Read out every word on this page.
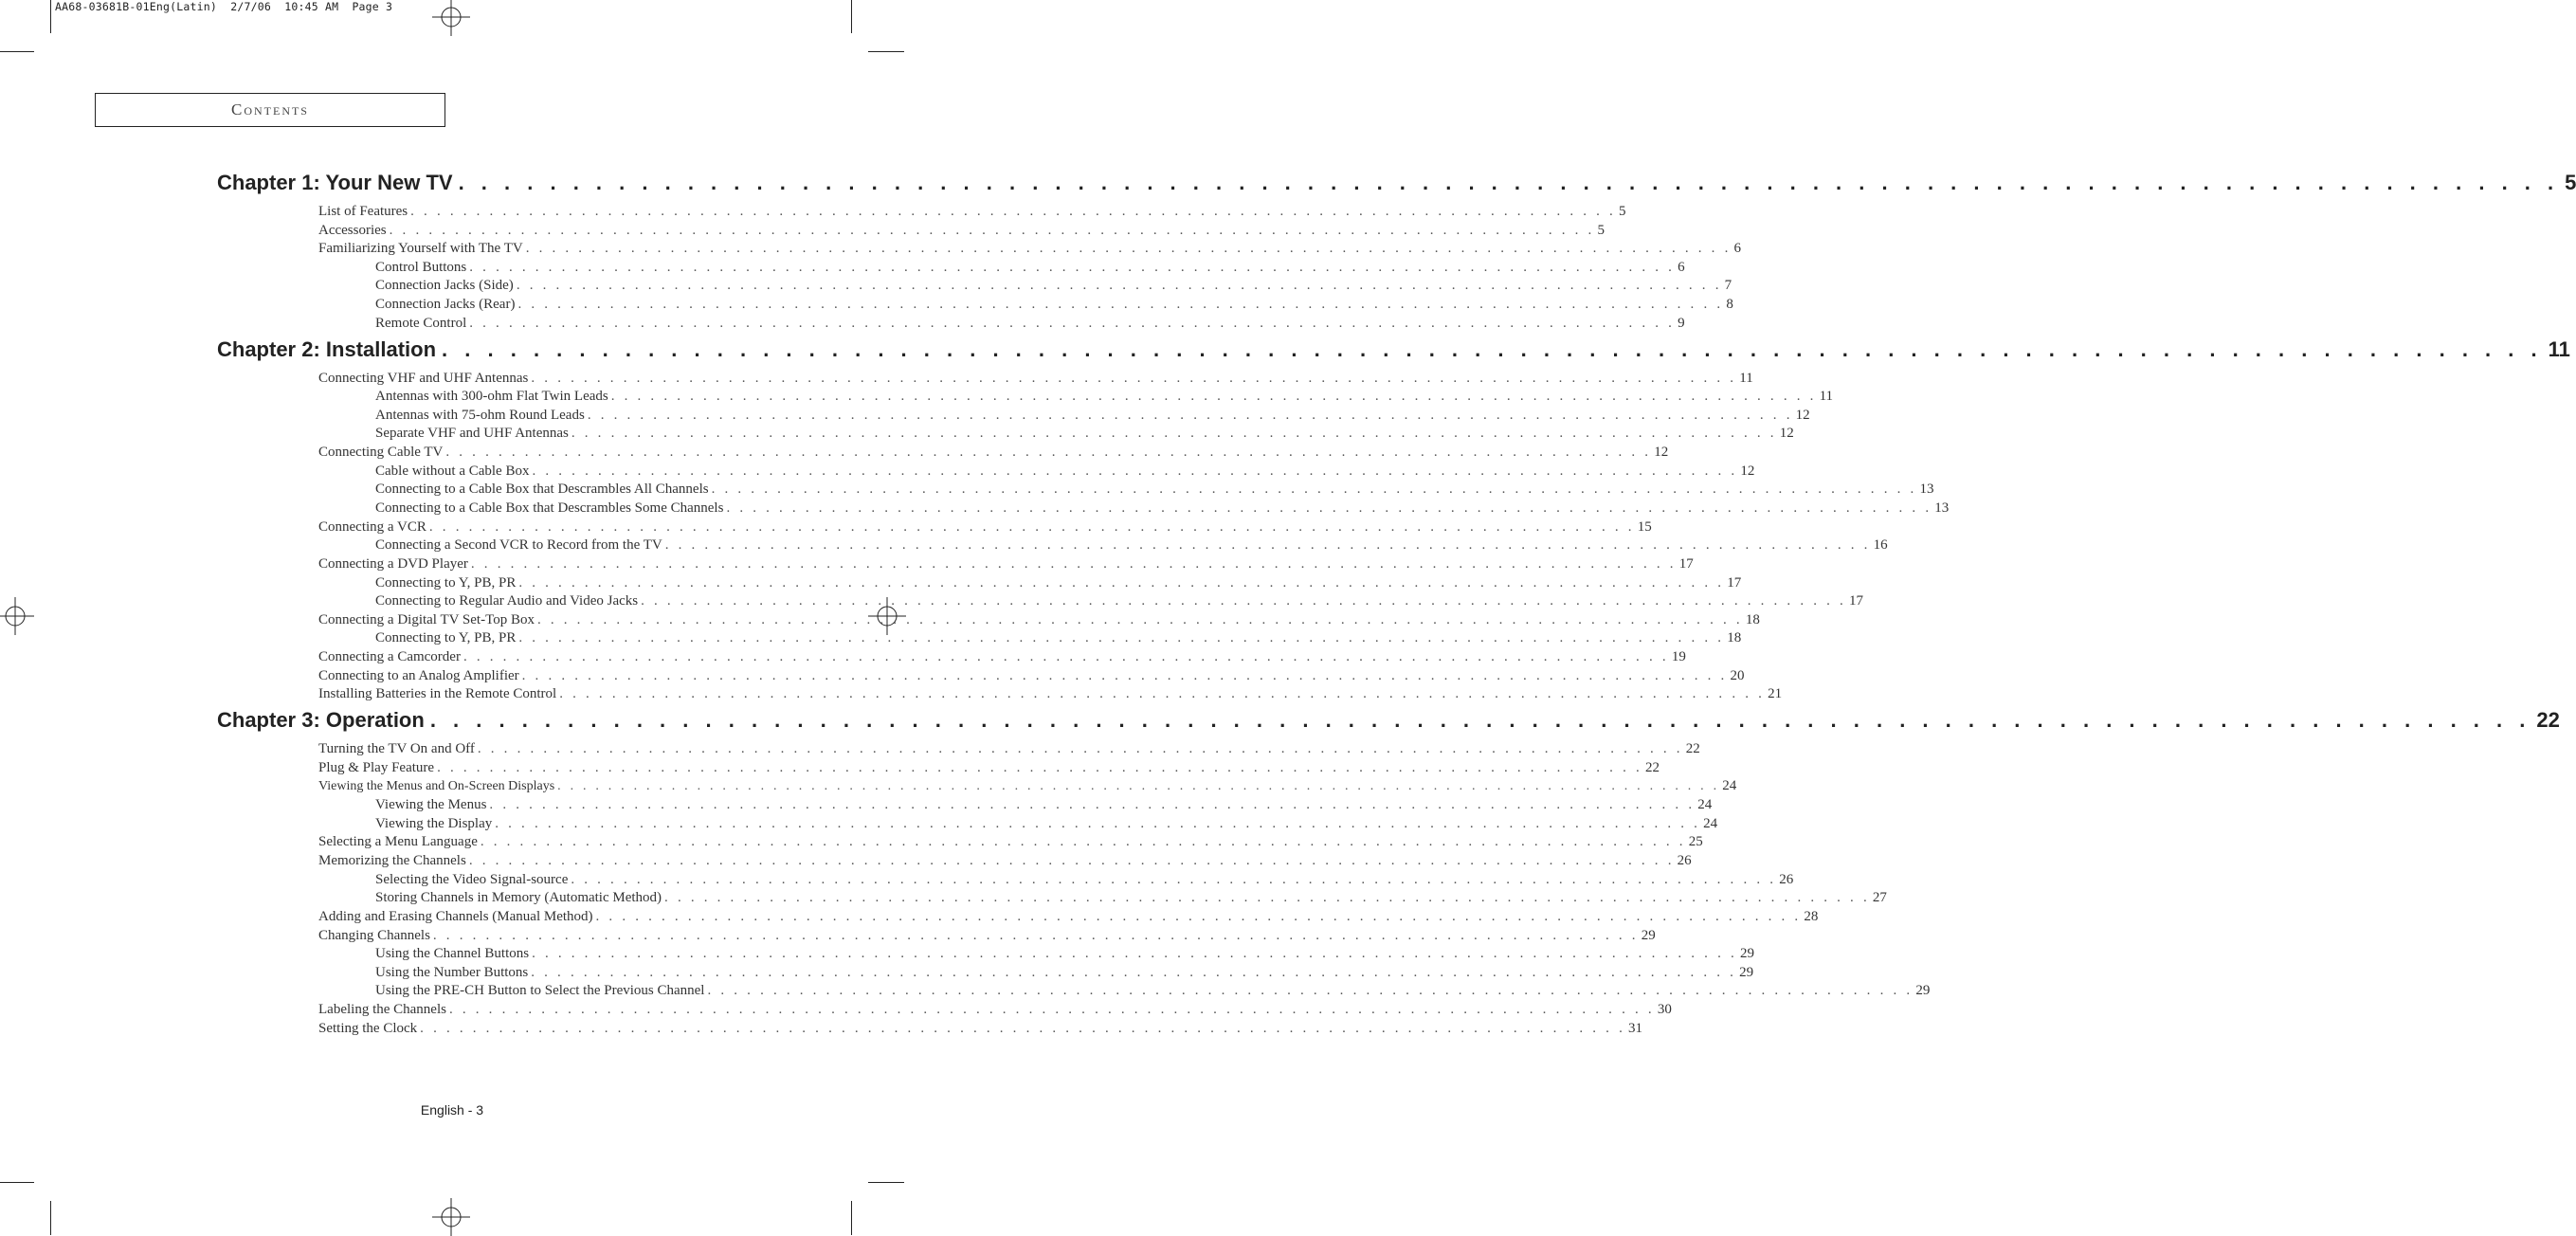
AA68-03681B-01Eng(Latin)  2/7/06  10:45 AM  Page 3
Contents
Chapter 1: Your New TV . . . . . . . . . . . . . . . . . . . . . . . . . . . . . . . . . . . . . . . . . . . . . . . . . . . . . . . . . . . . . . . . . . . . . . . . . . . . . . . . . . . . . . . . . . . . 5
List of Features . . . . . . . . . . . . . . . . . . . . . . . . . . . . . . . . . . . . . . . . . . . . . . . . . . . . . . . . . . . . . . . . . . . . . . . . . . . . . . . . . . . . . . . . . . . . 5
Accessories . . . . . . . . . . . . . . . . . . . . . . . . . . . . . . . . . . . . . . . . . . . . . . . . . . . . . . . . . . . . . . . . . . . . . . . . . . . . . . . . . . . . . . . . . . . . 5
Familiarizing Yourself with The TV . . . . . . . . . . . . . . . . . . . . . . . . . . . . . . . . . . . . . . . . . . . . . . . . . . . . . . . . . . . . . . . . . . . . . . . . . . . . . . . . . . . . . . . . . . . . 6
Control Buttons . . . . . . . . . . . . . . . . . . . . . . . . . . . . . . . . . . . . . . . . . . . . . . . . . . . . . . . . . . . . . . . . . . . . . . . . . . . . . . . . . . . . . . . . . . . . 6
Connection Jacks (Side) . . . . . . . . . . . . . . . . . . . . . . . . . . . . . . . . . . . . . . . . . . . . . . . . . . . . . . . . . . . . . . . . . . . . . . . . . . . . . . . . . . . . . . . . . . . . 7
Connection Jacks (Rear) . . . . . . . . . . . . . . . . . . . . . . . . . . . . . . . . . . . . . . . . . . . . . . . . . . . . . . . . . . . . . . . . . . . . . . . . . . . . . . . . . . . . . . . . . . . . 8
Remote Control . . . . . . . . . . . . . . . . . . . . . . . . . . . . . . . . . . . . . . . . . . . . . . . . . . . . . . . . . . . . . . . . . . . . . . . . . . . . . . . . . . . . . . . . . . . . 9
Chapter 2: Installation . . . . . . . . . . . . . . . . . . . . . . . . . . . . . . . . . . . . . . . . . . . . . . . . . . . . . . . . . . . . . . . . . . . . . . . . . . . . . . . . . . . . . . . . . . . . 11
Connecting VHF and UHF Antennas . . . . . . . . . . . . . . . . . . . . . . . . . . . . . . . . . . . . . . . . . . . . . . . . . . . . . . . . . . . . . . . . . . . . . . . . . . . . . . . . . . . . . . . . . . . . 11
Antennas with 300-ohm Flat Twin Leads . . . . . . . . . . . . . . . . . . . . . . . . . . . . . . . . . . . . . . . . . . . . . . . . . . . . . . . . . . . . . . . . . . . . . . . . . . . . . . . . . . . . . . . . . . . . 11
Antennas with 75-ohm Round Leads . . . . . . . . . . . . . . . . . . . . . . . . . . . . . . . . . . . . . . . . . . . . . . . . . . . . . . . . . . . . . . . . . . . . . . . . . . . . . . . . . . . . . . . . . . . . 12
Separate VHF and UHF Antennas . . . . . . . . . . . . . . . . . . . . . . . . . . . . . . . . . . . . . . . . . . . . . . . . . . . . . . . . . . . . . . . . . . . . . . . . . . . . . . . . . . . . . . . . . . . . 12
Connecting Cable TV . . . . . . . . . . . . . . . . . . . . . . . . . . . . . . . . . . . . . . . . . . . . . . . . . . . . . . . . . . . . . . . . . . . . . . . . . . . . . . . . . . . . . . . . . . . . 12
Cable without a Cable Box . . . . . . . . . . . . . . . . . . . . . . . . . . . . . . . . . . . . . . . . . . . . . . . . . . . . . . . . . . . . . . . . . . . . . . . . . . . . . . . . . . . . . . . . . . . . 12
Connecting to a Cable Box that Descrambles All Channels . . . . . . . . . . . . . . . . . . . . . . . . . . . . . . . . . . . . . . . . . . . . . . . . . . . . . . . . . . . . . . . . . . . . . . . . . . . . . . . . . . . . . . . . . . . . 13
Connecting to a Cable Box that Descrambles Some Channels . . . . . . . . . . . . . . . . . . . . . . . . . . . . . . . . . . . . . . . . . . . . . . . . . . . . . . . . . . . . . . . . . . . . . . . . . . . . . . . . . . . . . . . . . . . . 13
Connecting a VCR . . . . . . . . . . . . . . . . . . . . . . . . . . . . . . . . . . . . . . . . . . . . . . . . . . . . . . . . . . . . . . . . . . . . . . . . . . . . . . . . . . . . . . . . . . . . 15
Connecting a Second VCR to Record from the TV . . . . . . . . . . . . . . . . . . . . . . . . . . . . . . . . . . . . . . . . . . . . . . . . . . . . . . . . . . . . . . . . . . . . . . . . . . . . . . . . . . . . . . . . . . . . 16
Connecting a DVD Player . . . . . . . . . . . . . . . . . . . . . . . . . . . . . . . . . . . . . . . . . . . . . . . . . . . . . . . . . . . . . . . . . . . . . . . . . . . . . . . . . . . . . . . . . . . . 17
Connecting to Y, PB, PR . . . . . . . . . . . . . . . . . . . . . . . . . . . . . . . . . . . . . . . . . . . . . . . . . . . . . . . . . . . . . . . . . . . . . . . . . . . . . . . . . . . . . . . . . . . . 17
Connecting to Regular Audio and Video Jacks . . . . . . . . . . . . . . . . . . . . . . . . . . . . . . . . . . . . . . . . . . . . . . . . . . . . . . . . . . . . . . . . . . . . . . . . . . . . . . . . . . . . . . . . . . . . 17
Connecting a Digital TV Set-Top Box . . . . . . . . . . . . . . . . . . . . . . . . . . . . . . . . . . . . . . . . . . . . . . . . . . . . . . . . . . . . . . . . . . . . . . . . . . . . . . . . . . . . . . . . . . . . 18
Connecting to Y, PB, PR . . . . . . . . . . . . . . . . . . . . . . . . . . . . . . . . . . . . . . . . . . . . . . . . . . . . . . . . . . . . . . . . . . . . . . . . . . . . . . . . . . . . . . . . . . . . 18
Connecting a Camcorder . . . . . . . . . . . . . . . . . . . . . . . . . . . . . . . . . . . . . . . . . . . . . . . . . . . . . . . . . . . . . . . . . . . . . . . . . . . . . . . . . . . . . . . . . . . . 19
Connecting to an Analog Amplifier . . . . . . . . . . . . . . . . . . . . . . . . . . . . . . . . . . . . . . . . . . . . . . . . . . . . . . . . . . . . . . . . . . . . . . . . . . . . . . . . . . . . . . . . . . . . 20
Installing Batteries in the Remote Control . . . . . . . . . . . . . . . . . . . . . . . . . . . . . . . . . . . . . . . . . . . . . . . . . . . . . . . . . . . . . . . . . . . . . . . . . . . . . . . . . . . . . . . . . . . . 21
Chapter 3: Operation . . . . . . . . . . . . . . . . . . . . . . . . . . . . . . . . . . . . . . . . . . . . . . . . . . . . . . . . . . . . . . . . . . . . . . . . . . . . . . . . . . . . . . . . . . . . 22
Turning the TV On and Off . . . . . . . . . . . . . . . . . . . . . . . . . . . . . . . . . . . . . . . . . . . . . . . . . . . . . . . . . . . . . . . . . . . . . . . . . . . . . . . . . . . . . . . . . . . . 22
Plug & Play Feature . . . . . . . . . . . . . . . . . . . . . . . . . . . . . . . . . . . . . . . . . . . . . . . . . . . . . . . . . . . . . . . . . . . . . . . . . . . . . . . . . . . . . . . . . . . . 22
Viewing the Menus and On-Screen Displays . . . . . . . . . . . . . . . . . . . . . . . . . . . . . . . . . . . . . . . . . . . . . . . . . . . . . . . . . . . . . . . . . . . . . . . . . . . . . . . . . . . . . . . . . . . . 24
Viewing the Menus . . . . . . . . . . . . . . . . . . . . . . . . . . . . . . . . . . . . . . . . . . . . . . . . . . . . . . . . . . . . . . . . . . . . . . . . . . . . . . . . . . . . . . . . . . . . 24
Viewing the Display . . . . . . . . . . . . . . . . . . . . . . . . . . . . . . . . . . . . . . . . . . . . . . . . . . . . . . . . . . . . . . . . . . . . . . . . . . . . . . . . . . . . . . . . . . . . 24
Selecting a Menu Language . . . . . . . . . . . . . . . . . . . . . . . . . . . . . . . . . . . . . . . . . . . . . . . . . . . . . . . . . . . . . . . . . . . . . . . . . . . . . . . . . . . . . . . . . . . . 25
Memorizing the Channels . . . . . . . . . . . . . . . . . . . . . . . . . . . . . . . . . . . . . . . . . . . . . . . . . . . . . . . . . . . . . . . . . . . . . . . . . . . . . . . . . . . . . . . . . . . . 26
Selecting the Video Signal-source . . . . . . . . . . . . . . . . . . . . . . . . . . . . . . . . . . . . . . . . . . . . . . . . . . . . . . . . . . . . . . . . . . . . . . . . . . . . . . . . . . . . . . . . . . . . 26
Storing Channels in Memory (Automatic Method) . . . . . . . . . . . . . . . . . . . . . . . . . . . . . . . . . . . . . . . . . . . . . . . . . . . . . . . . . . . . . . . . . . . . . . . . . . . . . . . . . . . . . . . . . . . . 27
Adding and Erasing Channels (Manual Method) . . . . . . . . . . . . . . . . . . . . . . . . . . . . . . . . . . . . . . . . . . . . . . . . . . . . . . . . . . . . . . . . . . . . . . . . . . . . . . . . . . . . . . . . . . . . 28
Changing Channels . . . . . . . . . . . . . . . . . . . . . . . . . . . . . . . . . . . . . . . . . . . . . . . . . . . . . . . . . . . . . . . . . . . . . . . . . . . . . . . . . . . . . . . . . . . . 29
Using the Channel Buttons . . . . . . . . . . . . . . . . . . . . . . . . . . . . . . . . . . . . . . . . . . . . . . . . . . . . . . . . . . . . . . . . . . . . . . . . . . . . . . . . . . . . . . . . . . . . 29
Using the Number Buttons . . . . . . . . . . . . . . . . . . . . . . . . . . . . . . . . . . . . . . . . . . . . . . . . . . . . . . . . . . . . . . . . . . . . . . . . . . . . . . . . . . . . . . . . . . . . 29
Using the PRE-CH Button to Select the Previous Channel . . . . . . . . . . . . . . . . . . . . . . . . . . . . . . . . . . . . . . . . . . . . . . . . . . . . . . . . . . . . . . . . . . . . . . . . . . . . . . . . . . . . . . . . . . . . 29
Labeling the Channels . . . . . . . . . . . . . . . . . . . . . . . . . . . . . . . . . . . . . . . . . . . . . . . . . . . . . . . . . . . . . . . . . . . . . . . . . . . . . . . . . . . . . . . . . . . . 30
Setting the Clock . . . . . . . . . . . . . . . . . . . . . . . . . . . . . . . . . . . . . . . . . . . . . . . . . . . . . . . . . . . . . . . . . . . . . . . . . . . . . . . . . . . . . . . . . . . . 31
English - 3
